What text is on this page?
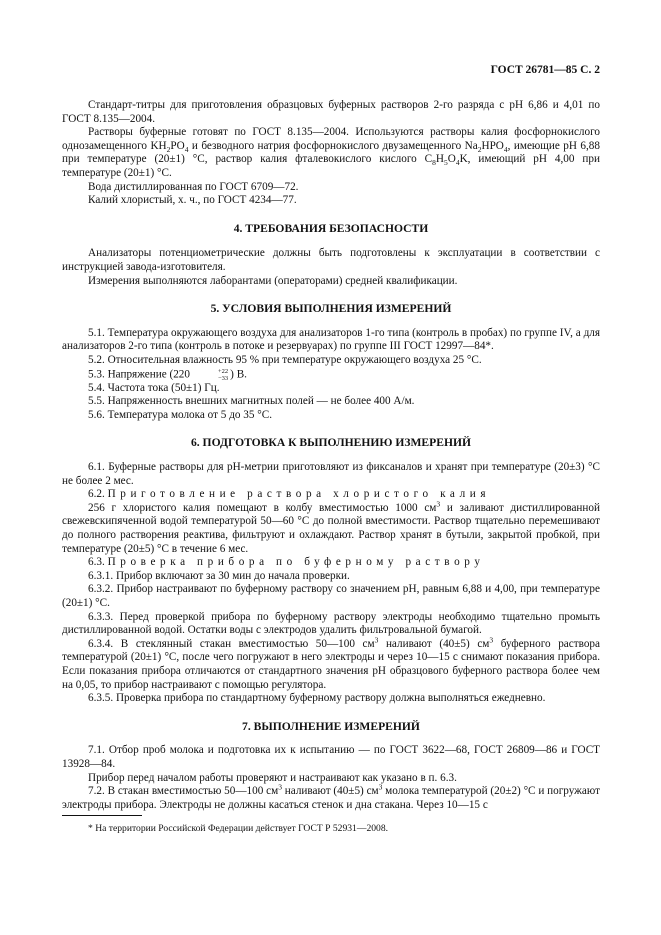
ГОСТ 26781—85 С. 2

Стандарт-титры для приготовления образцовых буферных растворов 2-го разряда с pH 6,86 и 4,01 по ГОСТ 8.135—2004.

Растворы буферные готовят по ГОСТ 8.135—2004. Используются растворы калия фосфорнокислого однозамещенного $KH_2PO_4$ и безводного натрия фосфорнокислого двузамещенного $Na_2HPO_4$, имеющие pH 6,88 при температуре (20±1) °С, раствор калия фталевокислого кислого $C_8H_5O_4K$, имеющий pH 4,00 при температуре (20±1) °С.

Вода дистиллированная по ГОСТ 6709—72.

Калий хлористый, х. ч., по ГОСТ 4234—77.

4. ТРЕБОВАНИЯ БЕЗОПАСНОСТИ

Анализаторы потенциометрические должны быть подготовлены к эксплуатации в соответствии с инструкцией завода-изготовителя.

Измерения выполняются лаборантами (операторами) средней квалификации.

5. УСЛОВИЯ ВЫПОЛНЕНИЯ ИЗМЕРЕНИЙ

5.1. Температура окружающего воздуха для анализаторов 1-го типа (контроль в пробах) по группе IV, а для анализаторов 2-го типа (контроль в потоке и резервуарах) по группе III ГОСТ 12997—84*.

5.2. Относительная влажность 95 % при температуре окружающего воздуха 25 °С.

5.3. Напряжение (220	+22
−33 ) В.

5.4. Частота тока (50±1) Гц.

5.5. Напряженность внешних магнитных полей — не более 400 А/м.

5.6. Температура молока от 5 до 35 °С.

6. ПОДГОТОВКА К ВЫПОЛНЕНИЮ ИЗМЕРЕНИЙ

6.1. Буферные растворы для pH-метрии приготовляют из фиксаналов и хранят при температуре (20±3) °С не более 2 мес.

6.2. Приготовление раствора хлористого калия

256 г хлористого калия помещают в колбу вместимостью 1000 $см^3$ и заливают дистиллированной свежевскипяченной водой температурой 50—60 °С до полной вместимости. Раствор тщательно перемешивают до полного растворения реактива, фильтруют и охлаждают. Раствор хранят в бутыли, закрытой пробкой, при температуре (20±5) °С в течение 6 мес.

6.3. Проверка прибора по буферному раствору

6.3.1. Прибор включают за 30 мин до начала проверки.

6.3.2. Прибор настраивают по буферному раствору со значением pH, равным 6,88 и 4,00, при температуре (20±1) °С.

6.3.3. Перед проверкой прибора по буферному раствору электроды необходимо тщательно промыть дистиллированной водой. Остатки воды с электродов удалить фильтровальной бумагой.

6.3.4. В стеклянный стакан вместимостью 50—100 $см^3$ наливают (40±5) $см^3$ буферного раствора температурой (20±1) °С, после чего погружают в него электроды и через 10—15 с снимают показания прибора. Если показания прибора отличаются от стандартного значения pH образцового буферного раствора более чем на 0,05, то прибор настраивают с помощью регулятора.

6.3.5. Проверка прибора по стандартному буферному раствору должна выполняться ежедневно.

7. ВЫПОЛНЕНИЕ ИЗМЕРЕНИЙ

7.1. Отбор проб молока и подготовка их к испытанию — по ГОСТ 3622—68, ГОСТ 26809—86 и ГОСТ 13928—84.

Прибор перед началом работы проверяют и настраивают как указано в п. 6.3.

7.2. В стакан вместимостью 50—100 $см^3$ наливают (40±5) $см^3$ молока температурой (20±2) °С и погружают электроды прибора. Электроды не должны касаться стенок и дна стакана. Через 10—15 с

* На территории Российской Федерации действует ГОСТ Р 52931—2008.
